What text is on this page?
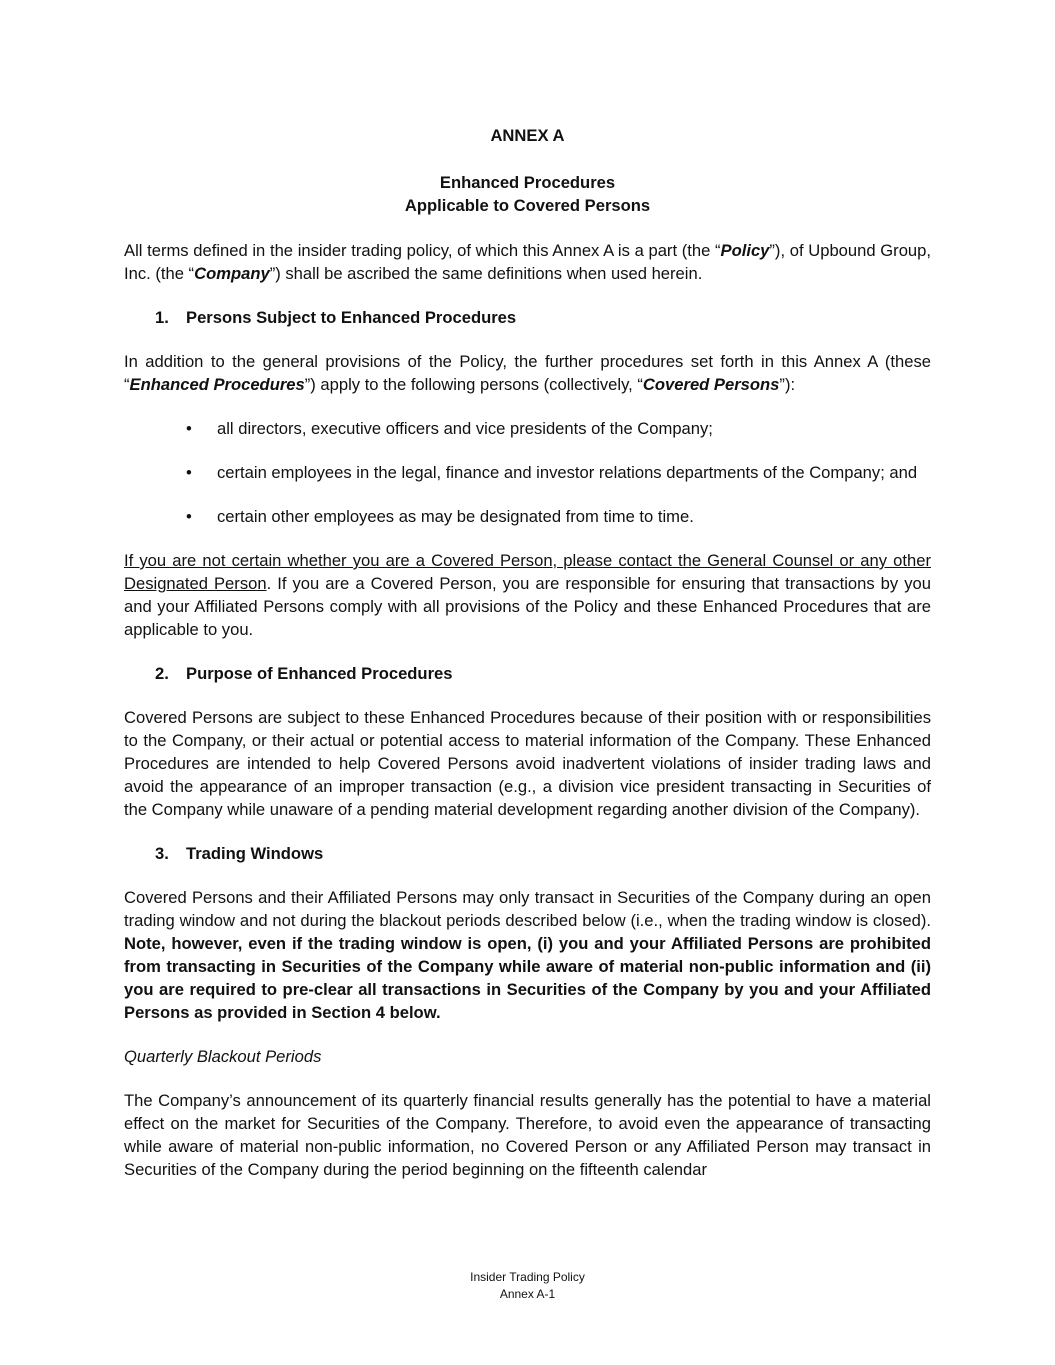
ANNEX A
Enhanced Procedures
Applicable to Covered Persons

All terms defined in the insider trading policy, of which this Annex A is a part (the “Policy”), of Upbound Group, Inc. (the “Company”) shall be ascribed the same definitions when used herein.

1. Persons Subject to Enhanced Procedures

In addition to the general provisions of the Policy, the further procedures set forth in this Annex A (these “Enhanced Procedures”) apply to the following persons (collectively, “Covered Persons”):

• all directors, executive officers and vice presidents of the Company;
• certain employees in the legal, finance and investor relations departments of the Company; and
• certain other employees as may be designated from time to time.

If you are not certain whether you are a Covered Person, please contact the General Counsel or any other Designated Person. If you are a Covered Person, you are responsible for ensuring that transactions by you and your Affiliated Persons comply with all provisions of the Policy and these Enhanced Procedures that are applicable to you.

2. Purpose of Enhanced Procedures

Covered Persons are subject to these Enhanced Procedures because of their position with or responsibilities to the Company, or their actual or potential access to material information of the Company. These Enhanced Procedures are intended to help Covered Persons avoid inadvertent violations of insider trading laws and avoid the appearance of an improper transaction (e.g., a division vice president transacting in Securities of the Company while unaware of a pending material development regarding another division of the Company).

3. Trading Windows

Covered Persons and their Affiliated Persons may only transact in Securities of the Company during an open trading window and not during the blackout periods described below (i.e., when the trading window is closed). Note, however, even if the trading window is open, (i) you and your Affiliated Persons are prohibited from transacting in Securities of the Company while aware of material non-public information and (ii) you are required to pre-clear all transactions in Securities of the Company by you and your Affiliated Persons as provided in Section 4 below.

Quarterly Blackout Periods

The Company’s announcement of its quarterly financial results generally has the potential to have a material effect on the market for Securities of the Company. Therefore, to avoid even the appearance of transacting while aware of material non-public information, no Covered Person or any Affiliated Person may transact in Securities of the Company during the period beginning on the fifteenth calendar

Insider Trading Policy
Annex A-1
